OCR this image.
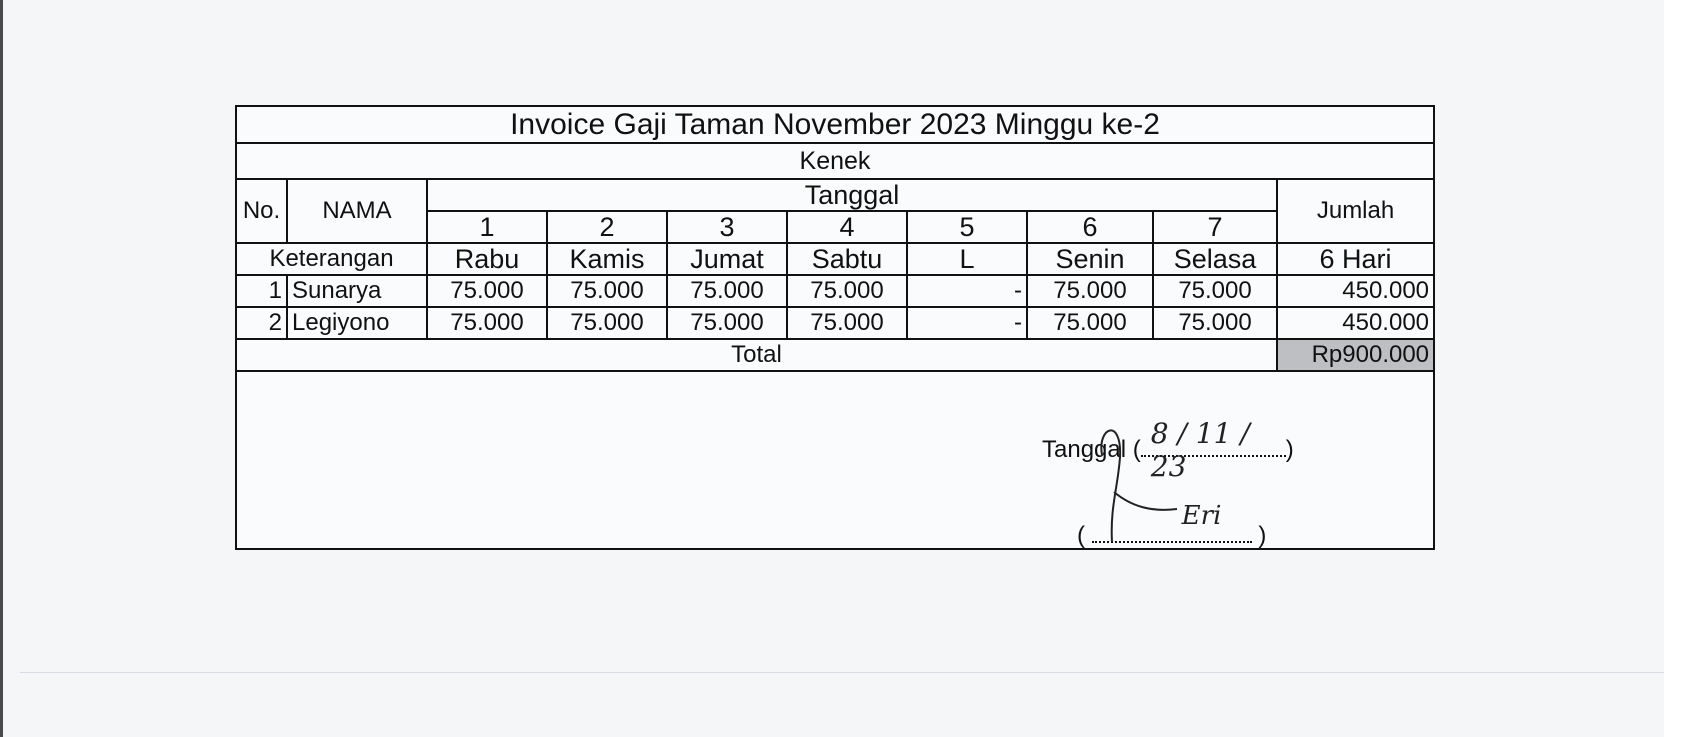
Invoice Gaji Taman November 2023 Minggu ke-2
Kenek
No.	NAMA	Tanggal							Jumlah
		1	2	3	4	5	6	7	
Keterangan		Rabu	Kamis	Jumat	Sabtu	L	Senin	Selasa	6 Hari
1	Sunarya	75.000	75.000	75.000	75.000	-	75.000	75.000	450.000
2	Legiyono	75.000	75.000	75.000	75.000	-	75.000	75.000	450.000
Total									Rp900.000
Tanggal ( 8 / 11 / 23
)
(
Eri
)
